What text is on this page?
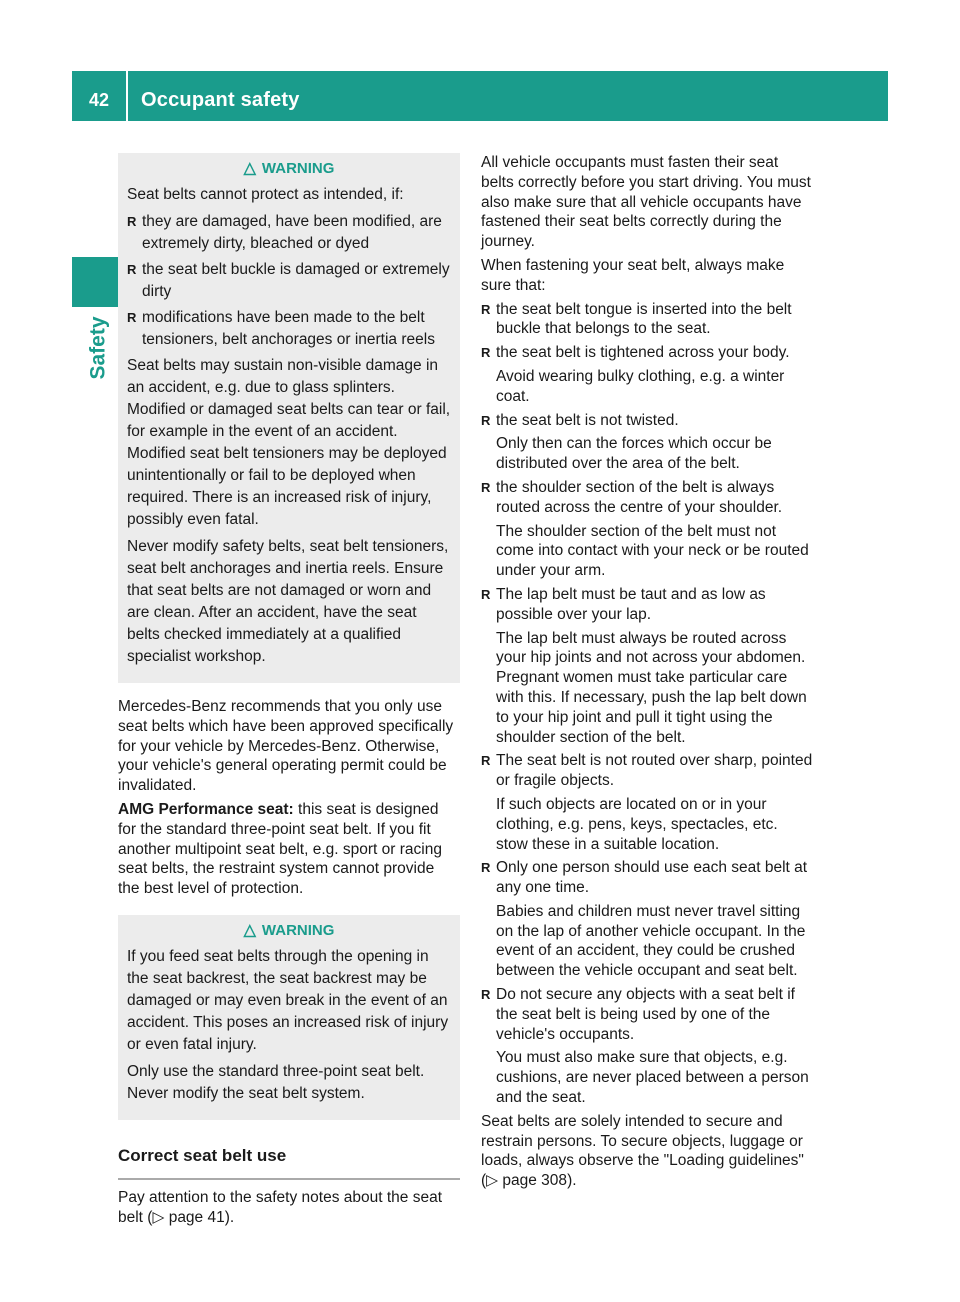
42	Occupant safety
Safety
△ WARNING

Seat belts cannot protect as intended, if:

R they are damaged, have been modified, are extremely dirty, bleached or dyed
R the seat belt buckle is damaged or extremely dirty
R modifications have been made to the belt tensioners, belt anchorages or inertia reels

Seat belts may sustain non-visible damage in an accident, e.g. due to glass splinters. Modified or damaged seat belts can tear or fail, for example in the event of an accident. Modified seat belt tensioners may be deployed unintentionally or fail to be deployed when required. There is an increased risk of injury, possibly even fatal.

Never modify safety belts, seat belt tensioners, seat belt anchorages and inertia reels. Ensure that seat belts are not damaged or worn and are clean. After an accident, have the seat belts checked immediately at a qualified specialist workshop.

Mercedes-Benz recommends that you only use seat belts which have been approved specifically for your vehicle by Mercedes-Benz. Otherwise, your vehicle's general operating permit could be invalidated.

AMG Performance seat: this seat is designed for the standard three-point seat belt. If you fit another multipoint seat belt, e.g. sport or racing seat belts, the restraint system cannot provide the best level of protection.

△ WARNING

If you feed seat belts through the opening in the seat backrest, the seat backrest may be damaged or may even break in the event of an accident. This poses an increased risk of injury or even fatal injury.

Only use the standard three-point seat belt. Never modify the seat belt system.

Correct seat belt use

Pay attention to the safety notes about the seat belt (▷ page 41).

All vehicle occupants must fasten their seat belts correctly before you start driving. You must also make sure that all vehicle occupants have fastened their seat belts correctly during the journey.

When fastening your seat belt, always make sure that:

R the seat belt tongue is inserted into the belt buckle that belongs to the seat.
R the seat belt is tightened across your body.
Avoid wearing bulky clothing, e.g. a winter coat.
R the seat belt is not twisted.
Only then can the forces which occur be distributed over the area of the belt.
R the shoulder section of the belt is always routed across the centre of your shoulder.
The shoulder section of the belt must not come into contact with your neck or be routed under your arm.
R The lap belt must be taut and as low as possible over your lap.
The lap belt must always be routed across your hip joints and not across your abdomen. Pregnant women must take particular care with this. If necessary, push the lap belt down to your hip joint and pull it tight using the shoulder section of the belt.
R The seat belt is not routed over sharp, pointed or fragile objects.
If such objects are located on or in your clothing, e.g. pens, keys, spectacles, etc. stow these in a suitable location.
R Only one person should use each seat belt at any one time.
Babies and children must never travel sitting on the lap of another vehicle occupant. In the event of an accident, they could be crushed between the vehicle occupant and seat belt.
R Do not secure any objects with a seat belt if the seat belt is being used by one of the vehicle's occupants.
You must also make sure that objects, e.g. cushions, are never placed between a person and the seat.

Seat belts are solely intended to secure and restrain persons. To secure objects, luggage or loads, always observe the "Loading guidelines" (▷ page 308).
